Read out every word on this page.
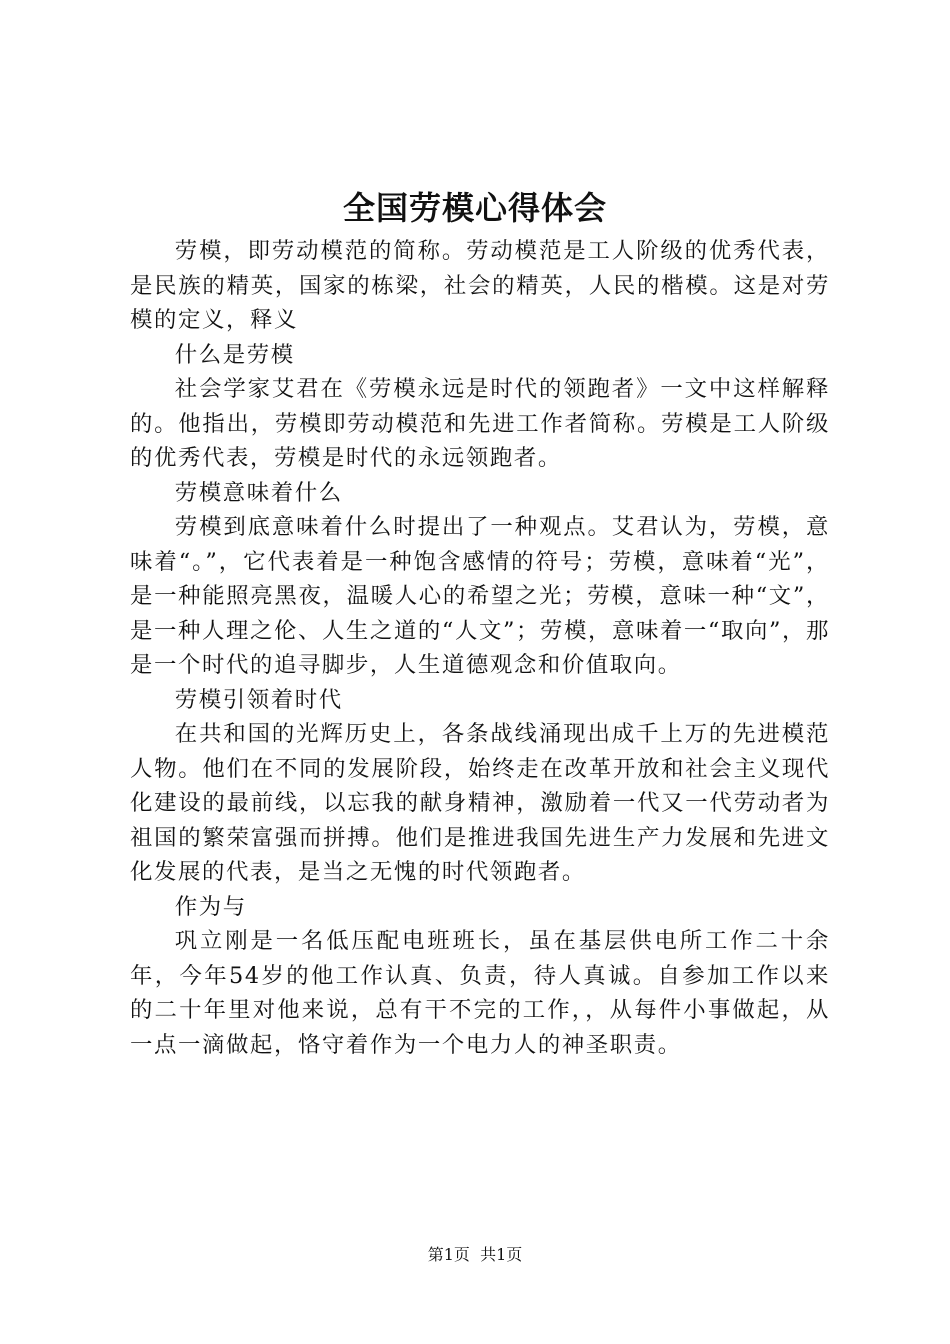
全国劳模心得体会

劳模，即劳动模范的简称。劳动模范是工人阶级的优秀代表，是民族的精英，国家的栋梁，社会的精英，人民的楷模。这是对劳模的定义，释义

什么是劳模

社会学家艾君在《劳模永远是时代的领跑者》一文中这样解释的。他指出，劳模即劳动模范和先进工作者简称。劳模是工人阶级的优秀代表，劳模是时代的永远领跑者。

劳模意味着什么

劳模到底意味着什么时提出了一种观点。艾君认为，劳模，意味着“。”，它代表着是一种饱含感情的符号；劳模，意味着“光”，是一种能照亮黑夜，温暖人心的希望之光；劳模，意味一种“文”，是一种人理之伦、人生之道的“人文”；劳模，意味着一“取向”，那是一个时代的追寻脚步，人生道德观念和价值取向。

劳模引领着时代

在共和国的光辉历史上，各条战线涌现出成千上万的先进模范人物。他们在不同的发展阶段，始终走在改革开放和社会主义现代化建设的最前线，以忘我的献身精神，激励着一代又一代劳动者为祖国的繁荣富强而拼搏。他们是推进我国先进生产力发展和先进文化发展的代表，是当之无愧的时代领跑者。

作为与

巩立刚是一名低压配电班班长，虽在基层供电所工作二十余年，今年54岁的他工作认真、负责，待人真诚。自参加工作以来的二十年里对他来说，总有干不完的工作，，从每件小事做起，从一点一滴做起，恪守着作为一个电力人的神圣职责。

第1页 共1页
